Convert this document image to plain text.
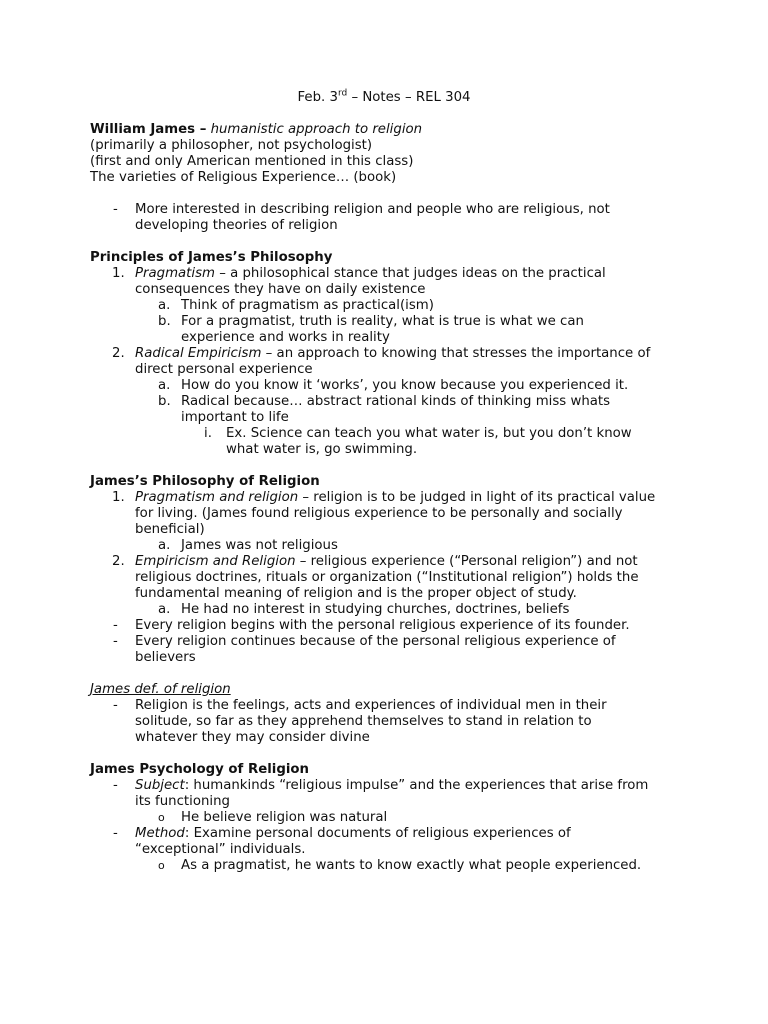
Feb. 3rd – Notes – REL 304
William James – humanistic approach to religion
(primarily a philosopher, not psychologist)
(first and only American mentioned in this class)
The varieties of Religious Experience… (book)
- More interested in describing religion and people who are religious, not
developing theories of religion
Principles of James’s Philosophy
1. Pragmatism – a philosophical stance that judges ideas on the practical
consequences they have on daily existence
a. Think of pragmatism as practical(ism)
b. For a pragmatist, truth is reality, what is true is what we can
experience and works in reality
2. Radical Empiricism – an approach to knowing that stresses the importance of
direct personal experience
a. How do you know it ‘works’, you know because you experienced it.
b. Radical because… abstract rational kinds of thinking miss whats
important to life
i. Ex. Science can teach you what water is, but you don’t know
what water is, go swimming.
James’s Philosophy of Religion
1. Pragmatism and religion – religion is to be judged in light of its practical value
for living. (James found religious experience to be personally and socially
beneficial)
a. James was not religious
2. Empiricism and Religion – religious experience (“Personal religion”) and not
religious doctrines, rituals or organization (“Institutional religion”) holds the
fundamental meaning of religion and is the proper object of study.
a. He had no interest in studying churches, doctrines, beliefs
- Every religion begins with the personal religious experience of its founder.
- Every religion continues because of the personal religious experience of
believers
James def. of religion
- Religion is the feelings, acts and experiences of individual men in their
solitude, so far as they apprehend themselves to stand in relation to
whatever they may consider divine
James Psychology of Religion
- Subject: humankinds “religious impulse” and the experiences that arise from
its functioning
o He believe religion was natural
- Method: Examine personal documents of religious experiences of
“exceptional” individuals.
o As a pragmatist, he wants to know exactly what people experienced.
